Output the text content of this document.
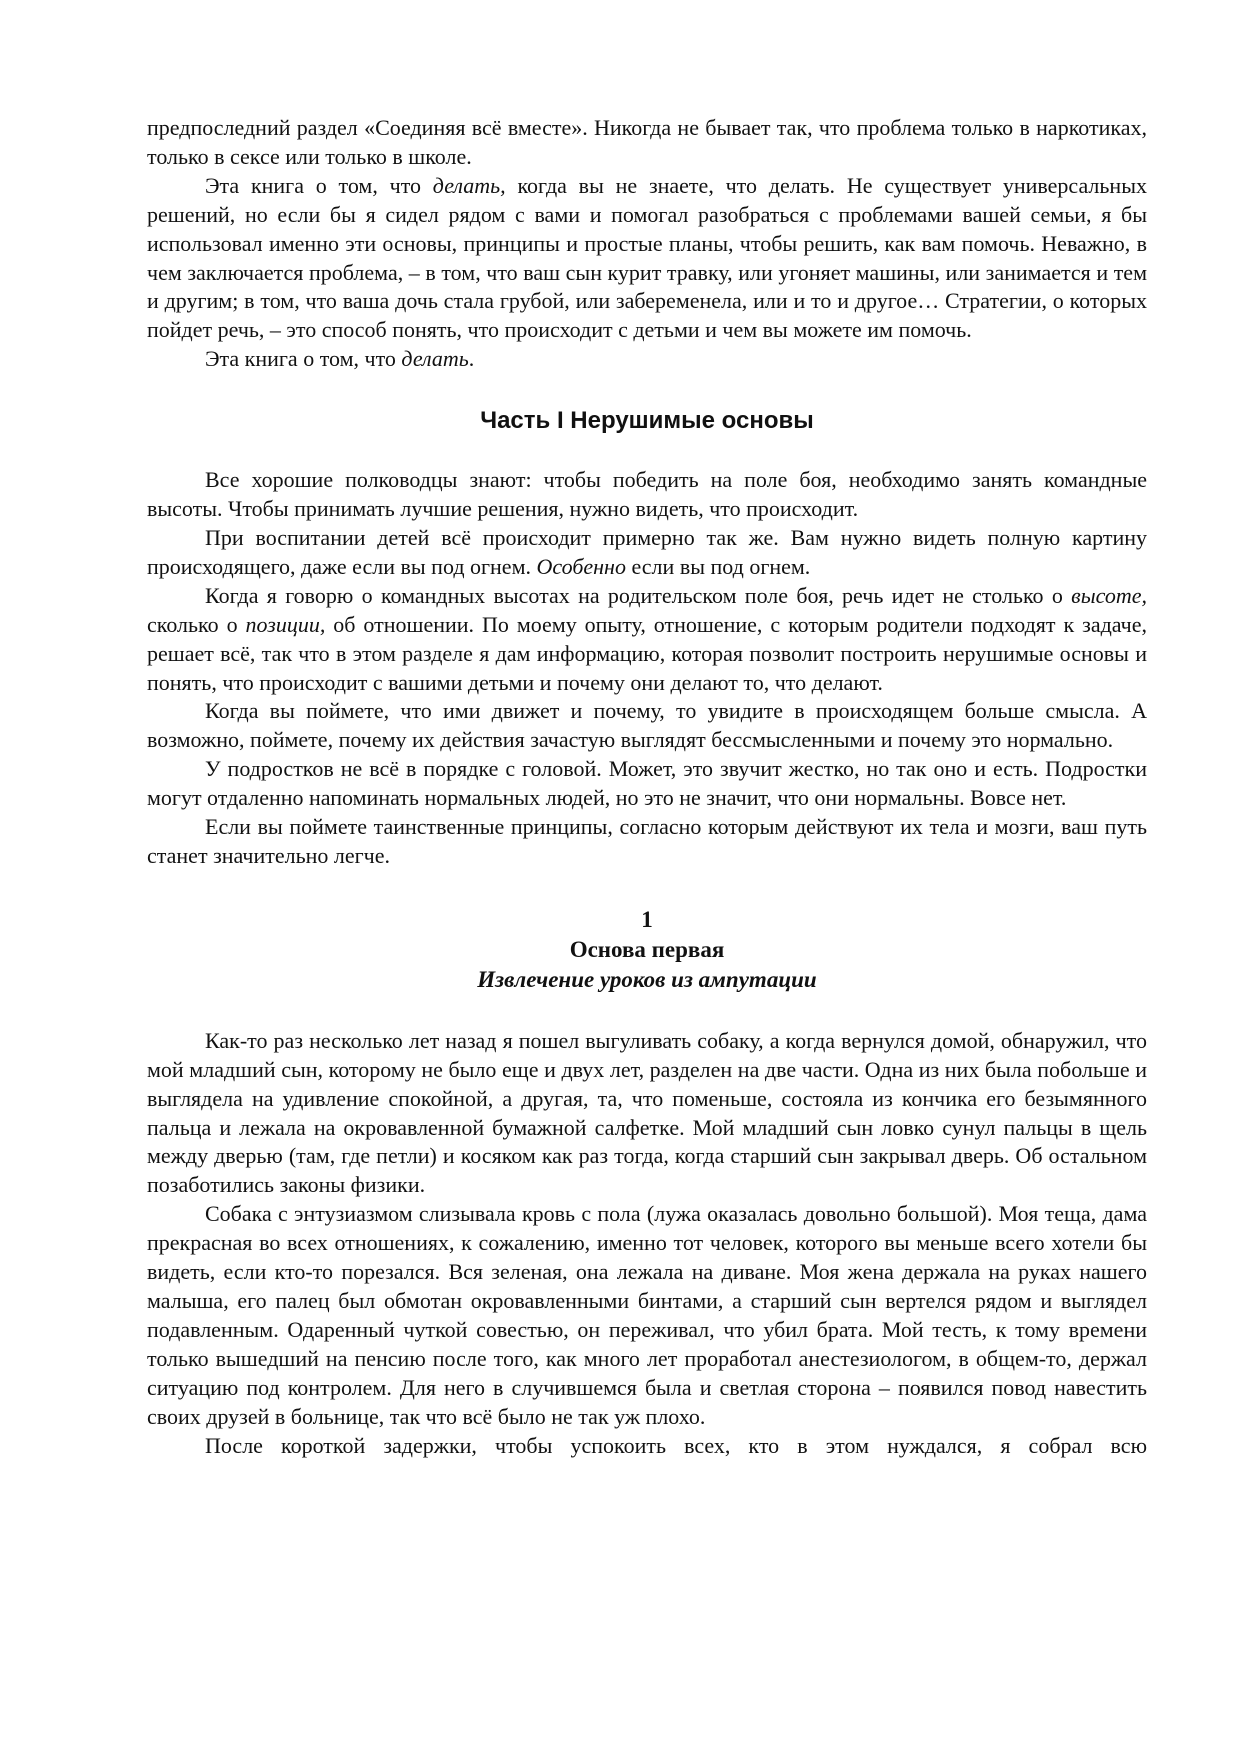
предпоследний раздел «Соединяя всё вместе». Никогда не бывает так, что проблема только в наркотиках, только в сексе или только в школе.

Эта книга о том, что делать, когда вы не знаете, что делать. Не существует универсальных решений, но если бы я сидел рядом с вами и помогал разобраться с проблемами вашей семьи, я бы использовал именно эти основы, принципы и простые планы, чтобы решить, как вам помочь. Неважно, в чем заключается проблема, – в том, что ваш сын курит травку, или угоняет машины, или занимается и тем и другим; в том, что ваша дочь стала грубой, или забеременела, или и то и другое… Стратегии, о которых пойдет речь, – это способ понять, что происходит с детьми и чем вы можете им помочь.

Эта книга о том, что делать.

Часть I Нерушимые основы

Все хорошие полководцы знают: чтобы победить на поле боя, необходимо занять командные высоты. Чтобы принимать лучшие решения, нужно видеть, что происходит.

При воспитании детей всё происходит примерно так же. Вам нужно видеть полную картину происходящего, даже если вы под огнем. Особенно если вы под огнем.

Когда я говорю о командных высотах на родительском поле боя, речь идет не столько о высоте, сколько о позиции, об отношении. По моему опыту, отношение, с которым родители подходят к задаче, решает всё, так что в этом разделе я дам информацию, которая позволит построить нерушимые основы и понять, что происходит с вашими детьми и почему они делают то, что делают.

Когда вы поймете, что ими движет и почему, то увидите в происходящем больше смысла. А возможно, поймете, почему их действия зачастую выглядят бессмысленными и почему это нормально.

У подростков не всё в порядке с головой. Может, это звучит жестко, но так оно и есть. Подростки могут отдаленно напоминать нормальных людей, но это не значит, что они нормальны. Вовсе нет.

Если вы поймете таинственные принципы, согласно которым действуют их тела и мозги, ваш путь станет значительно легче.

1
Основа первая
Извлечение уроков из ампутации

Как-то раз несколько лет назад я пошел выгуливать собаку, а когда вернулся домой, обнаружил, что мой младший сын, которому не было еще и двух лет, разделен на две части. Одна из них была побольше и выглядела на удивление спокойной, а другая, та, что поменьше, состояла из кончика его безымянного пальца и лежала на окровавленной бумажной салфетке. Мой младший сын ловко сунул пальцы в щель между дверью (там, где петли) и косяком как раз тогда, когда старший сын закрывал дверь. Об остальном позаботились законы физики.

Собака с энтузиазмом слизывала кровь с пола (лужа оказалась довольно большой). Моя теща, дама прекрасная во всех отношениях, к сожалению, именно тот человек, которого вы меньше всего хотели бы видеть, если кто-то порезался. Вся зеленая, она лежала на диване. Моя жена держала на руках нашего малыша, его палец был обмотан окровавленными бинтами, а старший сын вертелся рядом и выглядел подавленным. Одаренный чуткой совестью, он переживал, что убил брата. Мой тесть, к тому времени только вышедший на пенсию после того, как много лет проработал анестезиологом, в общем-то, держал ситуацию под контролем. Для него в случившемся была и светлая сторона – появился повод навестить своих друзей в больнице, так что всё было не так уж плохо.

После короткой задержки, чтобы успокоить всех, кто в этом нуждался, я собрал всю
